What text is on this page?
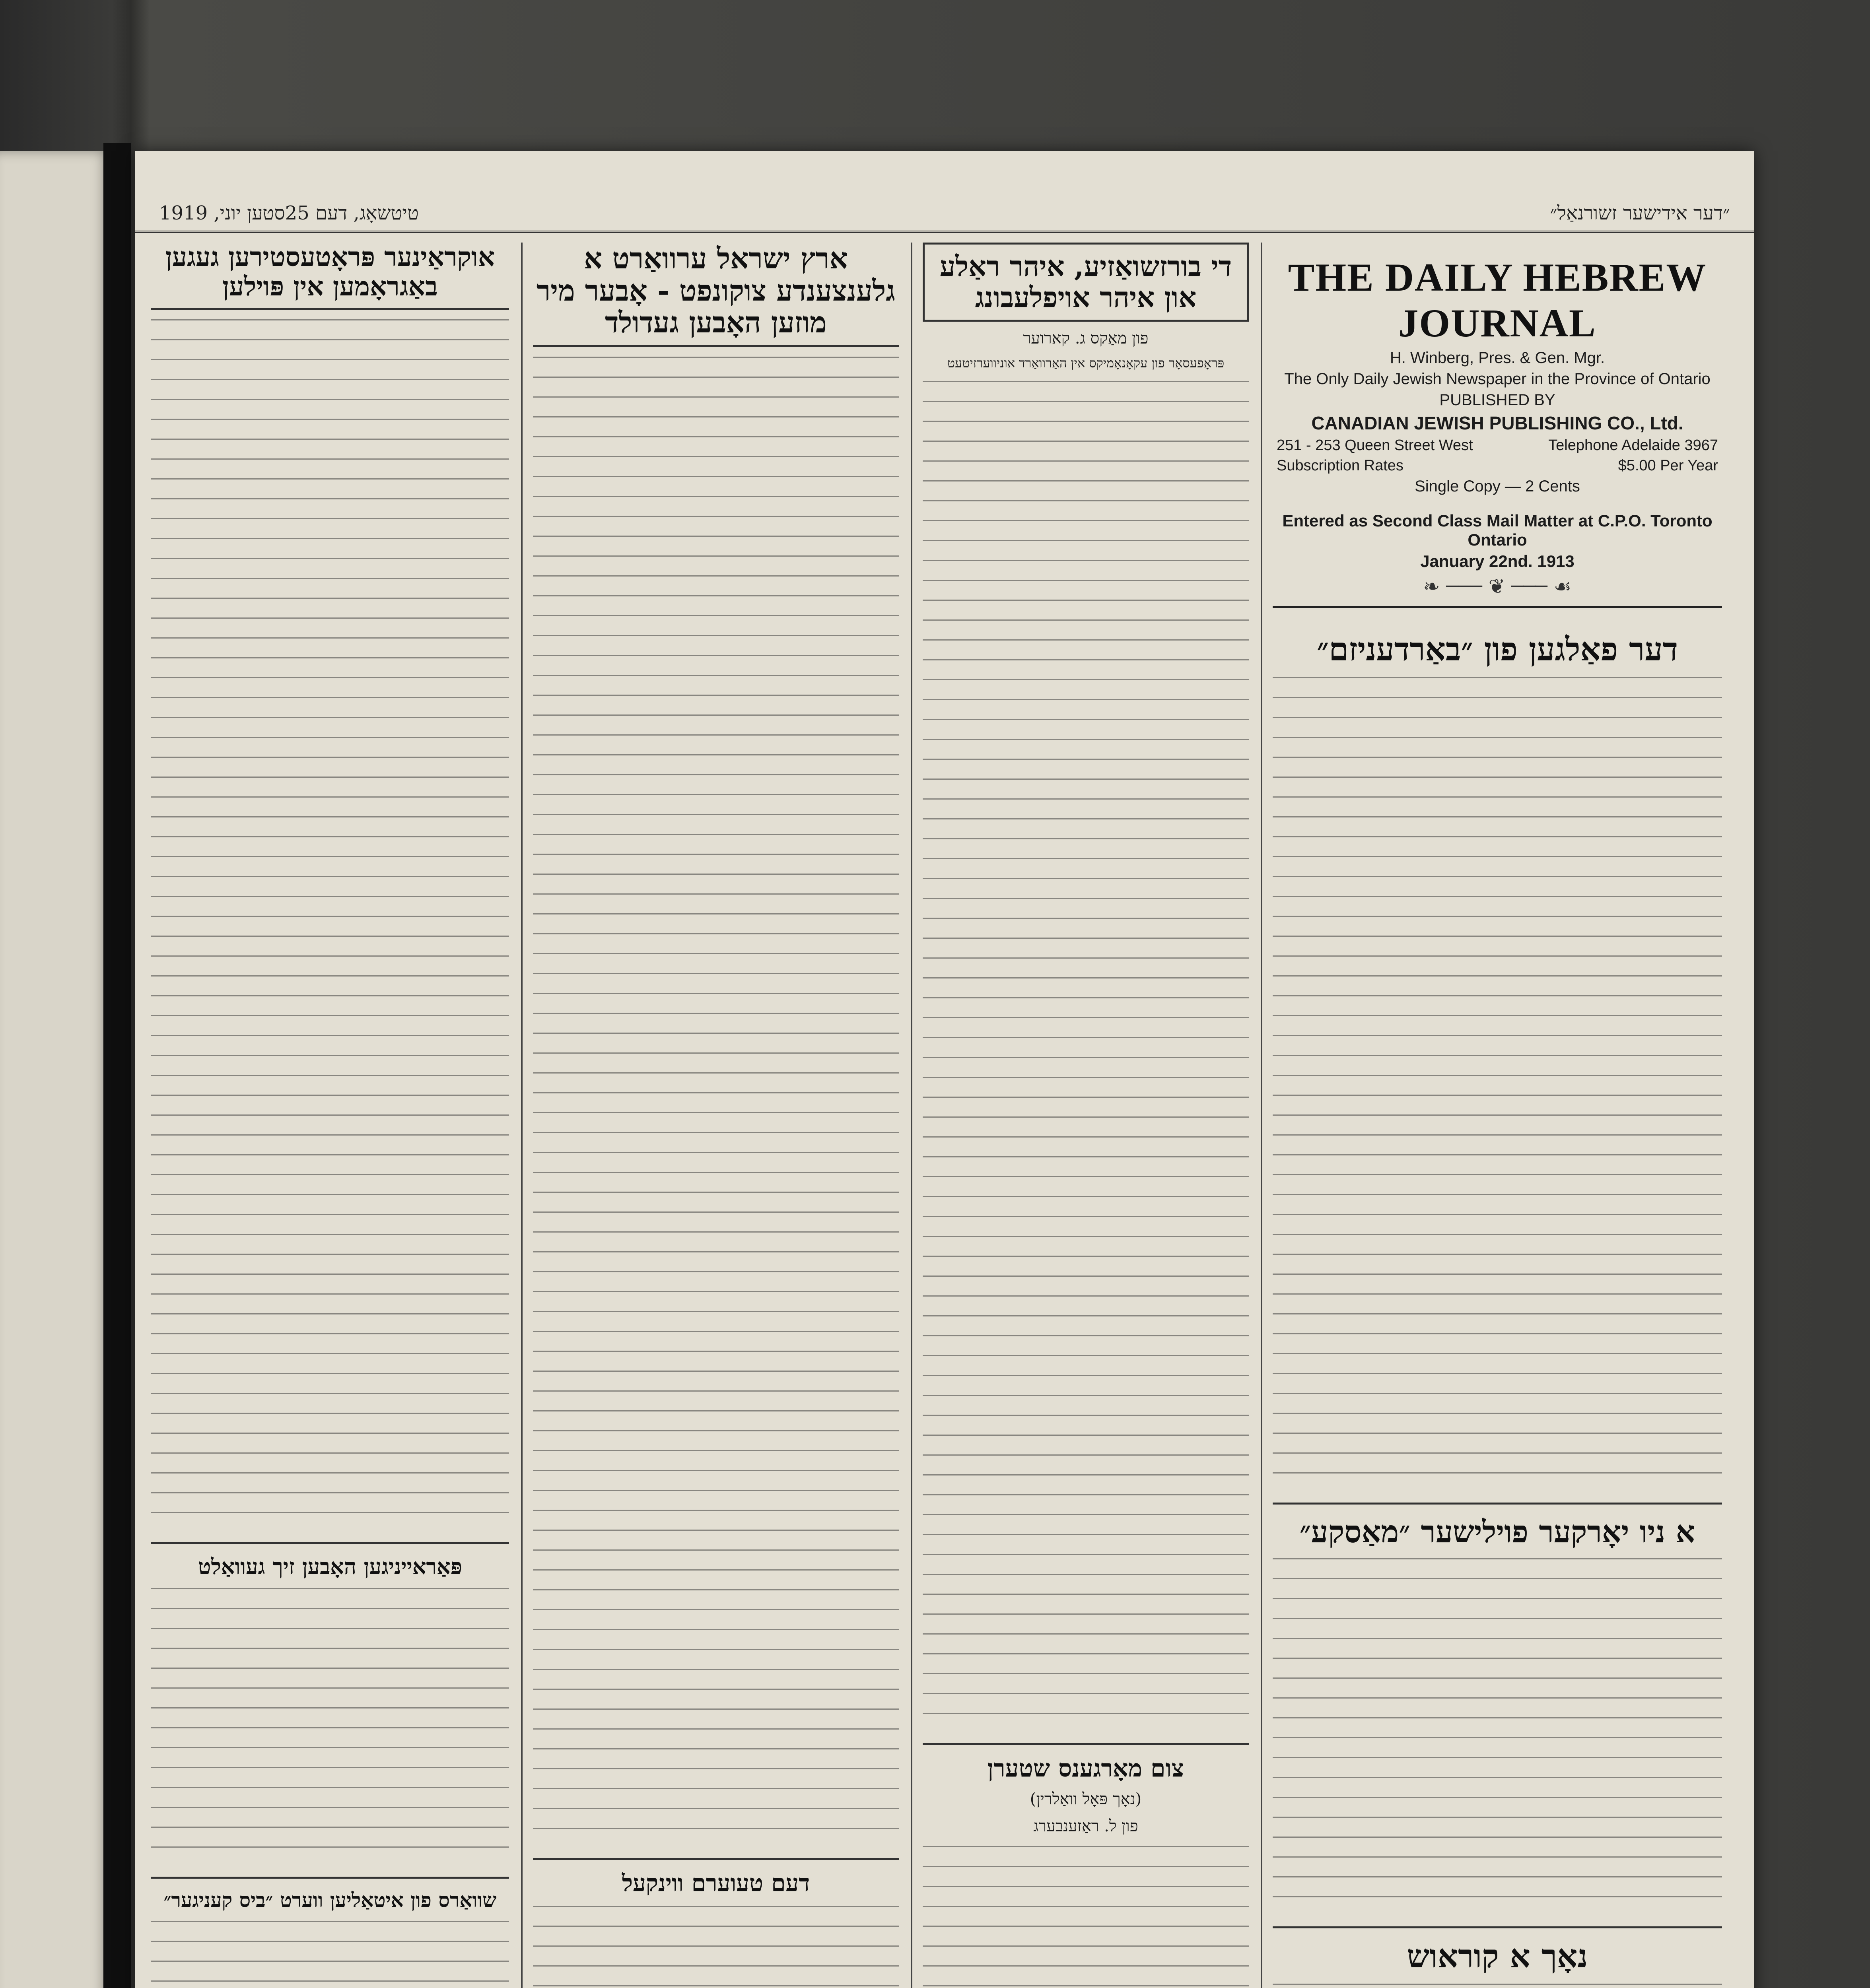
1919 ,טיטשאָג, דעם 25סטען יוני	״דער אידישער זשורנאַל״
THE DAILY HEBREW JOURNAL
H. Winberg, Pres. & Gen. Mgr.
The Only Daily Jewish Newspaper in the Province of Ontario
PUBLISHED BY
CANADIAN JEWISH PUBLISHING CO., Ltd.
251 - 253 Queen Street West	Telephone Adelaide 3967
Subscription Rates	$5.00 Per Year
Single Copy — 2 Cents
Entered as Second Class Mail Matter at C.P.O. Toronto Ontario
January 22nd. 1913
❧ ─── ❦ ─── ☙
דער פאַלגען פון ״באַרדעניזם״
א ניו יאָרקער פוילישער ״מאַסקע״
נאָך א קוראוש
די בורזשואַזיע, איהר ראַלע און איהר אויפלעבונג
פון מאַקס ג. קארוער
פּראָפעסאָר פון עקאָנאָמיקס אין האַרוואַרד אוניווערזיטעט
צום מאָרגענס שטערן
(נאָך פּאָל וואַלרין)
פון ל. ראַזענבערג
ארץ ישראל ערוואַרט א גלענצענדע צוקונפט - אָבער מיר מוזען האָבען געדולד
דעם טעוערם ווינקעל
אוקראַינער פּראָטעסטירען געגען באַגראָמען אין פּוילען
פּאַראייניגען האָבען זיך געוואַלט
שוואַרס פון איטאַליען ווערט ״ביס קעניגער״
